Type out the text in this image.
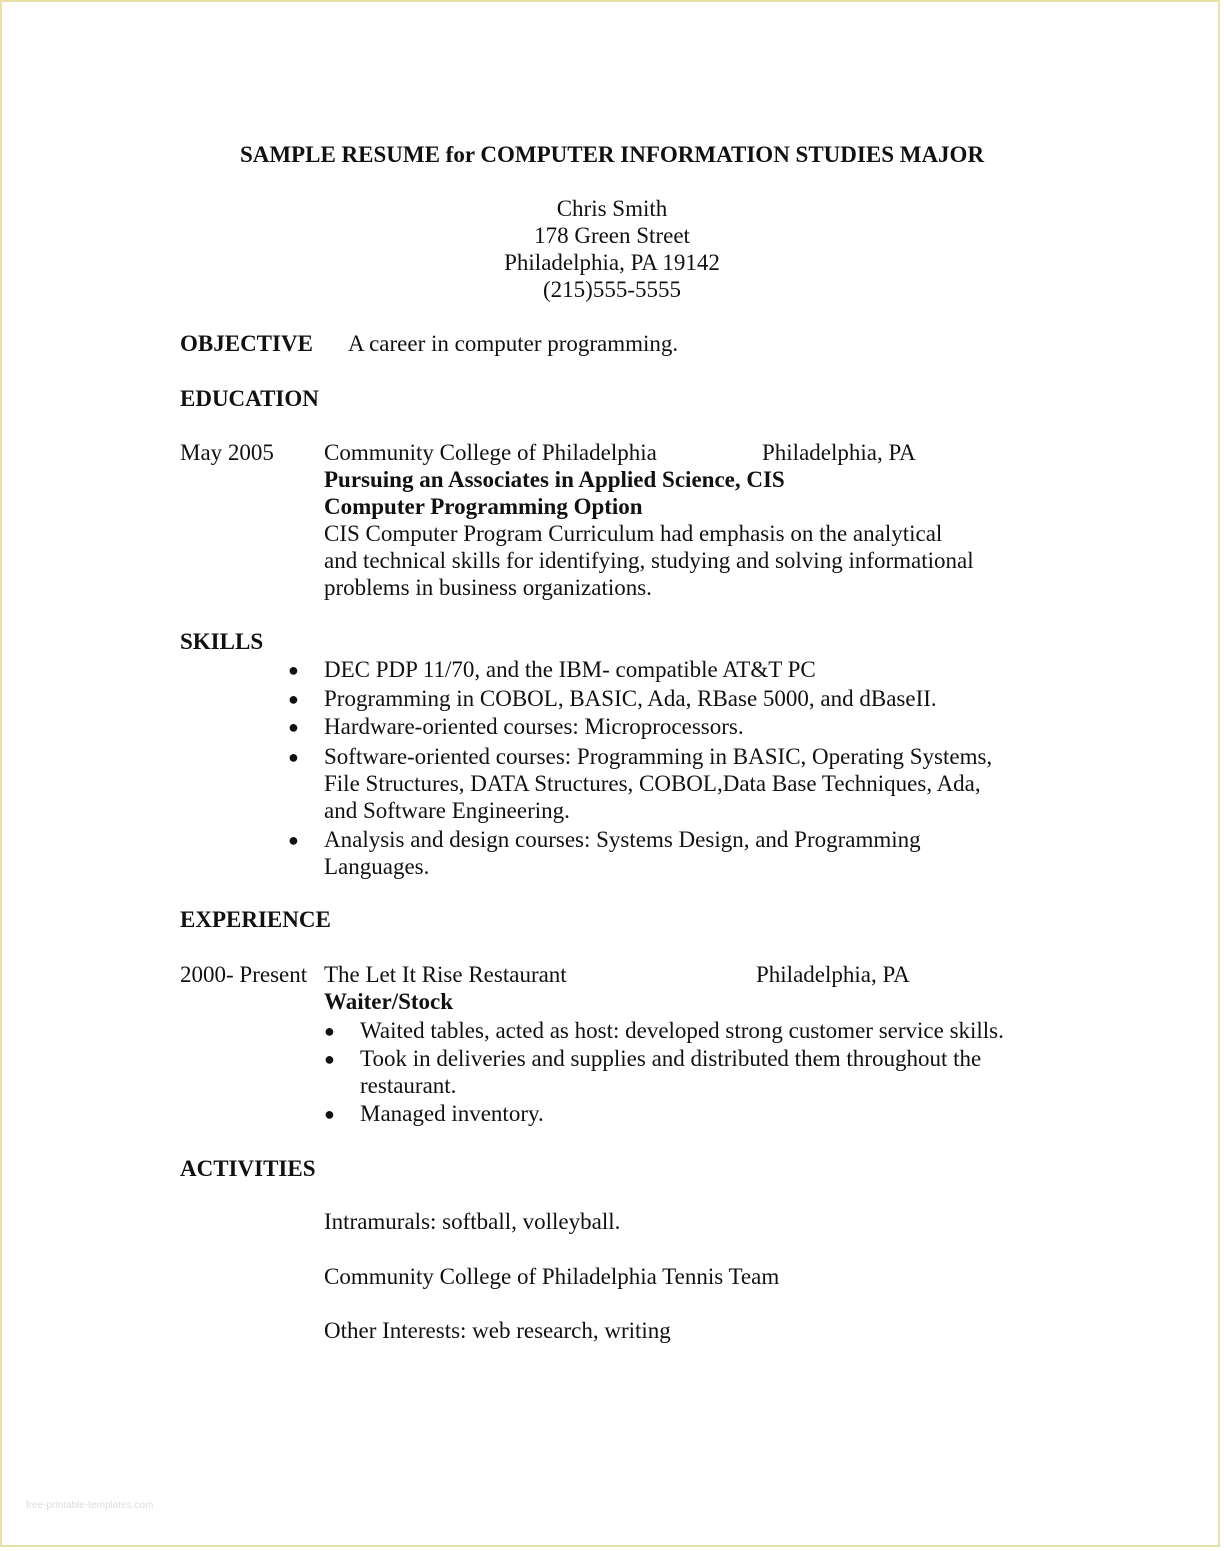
SAMPLE RESUME for COMPUTER INFORMATION STUDIES MAJOR
Chris Smith
178 Green Street
Philadelphia, PA 19142
(215)555-5555
OBJECTIVE A career in computer programming.
EDUCATION
May 2005 Community College of Philadelphia	Philadelphia, PA
Pursuing an Associates in Applied Science, CIS
Computer Programming Option
CIS Computer Program Curriculum had emphasis on the analytical
and technical skills for identifying, studying and solving informational
problems in business organizations.
SKILLS
● DEC PDP 11/70, and the IBM- compatible AT&T PC
● Programming in COBOL, BASIC, Ada, RBase 5000, and dBaseII.
● Hardware-oriented courses: Microprocessors.
● Software-oriented courses: Programming in BASIC, Operating Systems,
File Structures, DATA Structures, COBOL,Data Base Techniques, Ada,
and Software Engineering.
● Analysis and design courses: Systems Design, and Programming
Languages.
EXPERIENCE
2000- Present The Let It Rise Restaurant	Philadelphia, PA
Waiter/Stock
● Waited tables, acted as host: developed strong customer service skills.
● Took in deliveries and supplies and distributed them throughout the
restaurant.
● Managed inventory.
ACTIVITIES
Intramurals: softball, volleyball.
Community College of Philadelphia Tennis Team
Other Interests: web research, writing
free-printable-templates.com
